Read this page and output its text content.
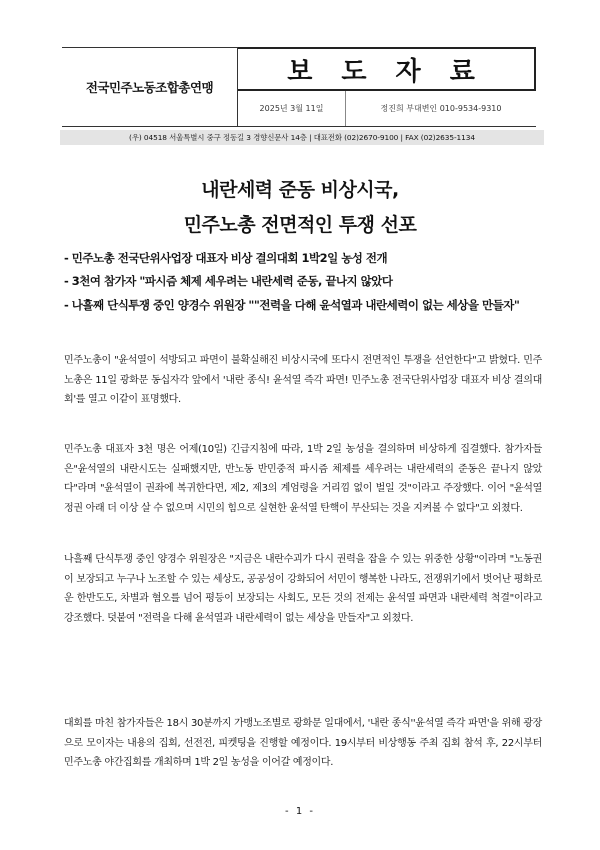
전국민주노동조합총연맹
보 도 자 료
2025년 3월 11일	정진희 부대변인 010-9534-9310
(우) 04518 서울특별시 중구 정동길 3 경향신문사 14층 | 대표전화 (02)2670-9100 | FAX (02)2635-1134
내란세력 준동 비상시국,
민주노총 전면적인 투쟁 선포
- 민주노총 전국단위사업장 대표자 비상 결의대회 1박2일 농성 전개
- 3천여 참가자 "파시즘 체제 세우려는 내란세력 준동, 끝나지 않았다
- 나흘째 단식투쟁 중인 양경수 위원장 ""전력을 다해 윤석열과 내란세력이 없는 세상을 만들자"
민주노총이 "윤석열이 석방되고 파면이 불확실해진 비상시국에 또다시 전면적인 투쟁을 선언한다"고 밝혔다. 민주노총은 11일 광화문 동십자각 앞에서 '내란 종식! 윤석열 즉각 파면! 민주노총 전국단위사업장 대표자 비상 결의대회'를 열고 이같이 표명했다.
민주노총 대표자 3천 명은 어제(10일) 긴급지침에 따라, 1박 2일 농성을 결의하며 비상하게 집결했다. 참가자들은"윤석열의 내란시도는 실패했지만, 반노동 반민중적 파시즘 체제를 세우려는 내란세력의 준동은 끝나지 않았다"라며 "윤석열이 권좌에 복귀한다면, 제2, 제3의 계엄령을 거리낌 없이 벌일 것"이라고 주장했다. 이어 "윤석열 정권 아래 더 이상 살 수 없으며 시민의 힘으로 실현한 윤석열 탄핵이 무산되는 것을 지켜볼 수 없다"고 외쳤다.
나흘째 단식투쟁 중인 양경수 위원장은 "지금은 내란수괴가 다시 권력을 잡을 수 있는 위중한 상황"이라며 "노동권이 보장되고 누구나 노조할 수 있는 세상도, 공공성이 강화되어 서민이 행복한 나라도, 전쟁위기에서 벗어난 평화로운 한반도도, 차별과 혐오를 넘어 평등이 보장되는 사회도, 모든 것의 전제는 윤석열 파면과 내란세력 척결"이라고 강조했다. 덧붙여 "전력을 다해 윤석열과 내란세력이 없는 세상을 만들자"고 외쳤다.
대회를 마친 참가자들은 18시 30분까지 가맹노조별로 광화문 일대에서, '내란 종식''윤석열 즉각 파면'을 위해 광장으로 모이자는 내용의 집회, 선전전, 피켓팅을 진행할 예정이다. 19시부터 비상행동 주최 집회 참석 후, 22시부터 민주노총 야간집회를 개최하며 1박 2일 농성을 이어갈 예정이다.
- 1 -
